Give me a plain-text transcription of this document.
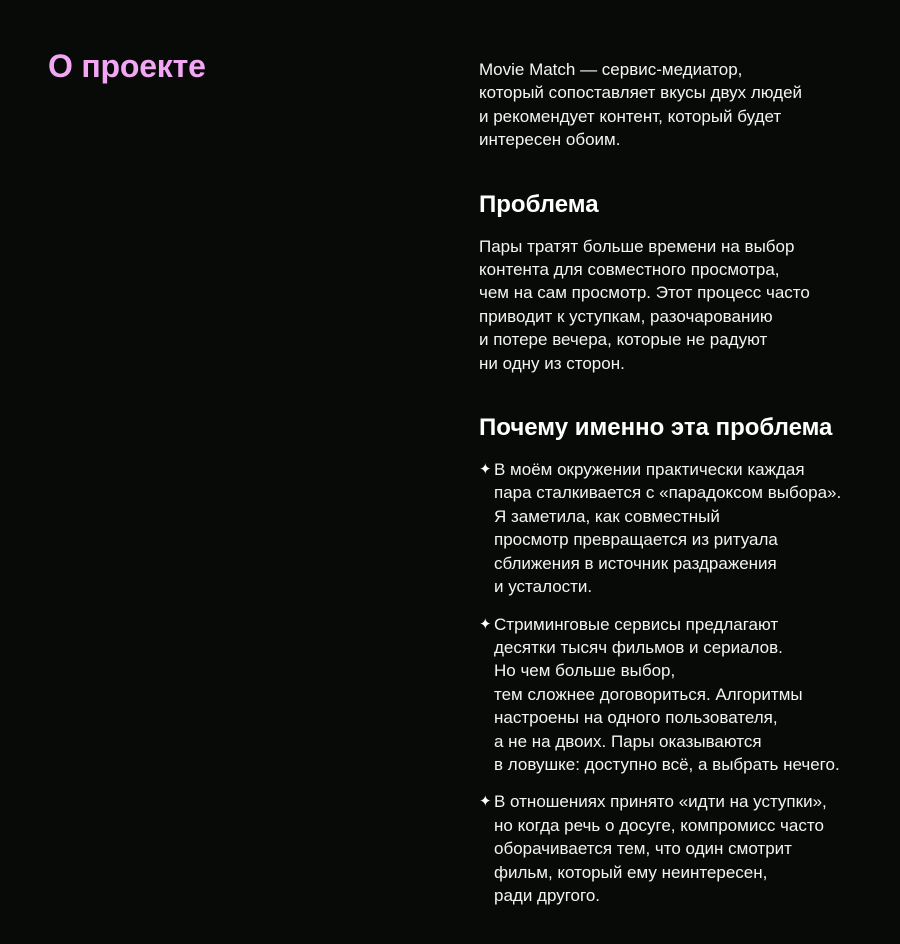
О проекте	Movie Match — сервис-медиатор,
который сопоставляет вкусы двух людей
и рекомендует контент, который будет
интересен обоим.

Проблема

Пары тратят больше времени на выбор
контента для совместного просмотра,
чем на сам просмотр. Этот процесс часто
приводит к уступкам, разочарованию
и потере вечера, которые не радуют
ни одну из сторон.

Почему именно эта проблема
✦ В моём окружении практически каждая
пара сталкивается с «парадоксом выбора».
Я заметила, как совместный
просмотр превращается из ритуала
сближения в источник раздражения
и усталости.
✦ Стриминговые сервисы предлагают
десятки тысяч фильмов и сериалов.
Но чем больше выбор,
тем сложнее договориться. Алгоритмы
настроены на одного пользователя,
а не на двоих. Пары оказываются
в ловушке: доступно всё, а выбрать нечего.
✦ В отношениях принято «идти на уступки»,
но когда речь о досуге, компромисс часто
оборачивается тем, что один смотрит
фильм, который ему неинтересен,
ради другого.
